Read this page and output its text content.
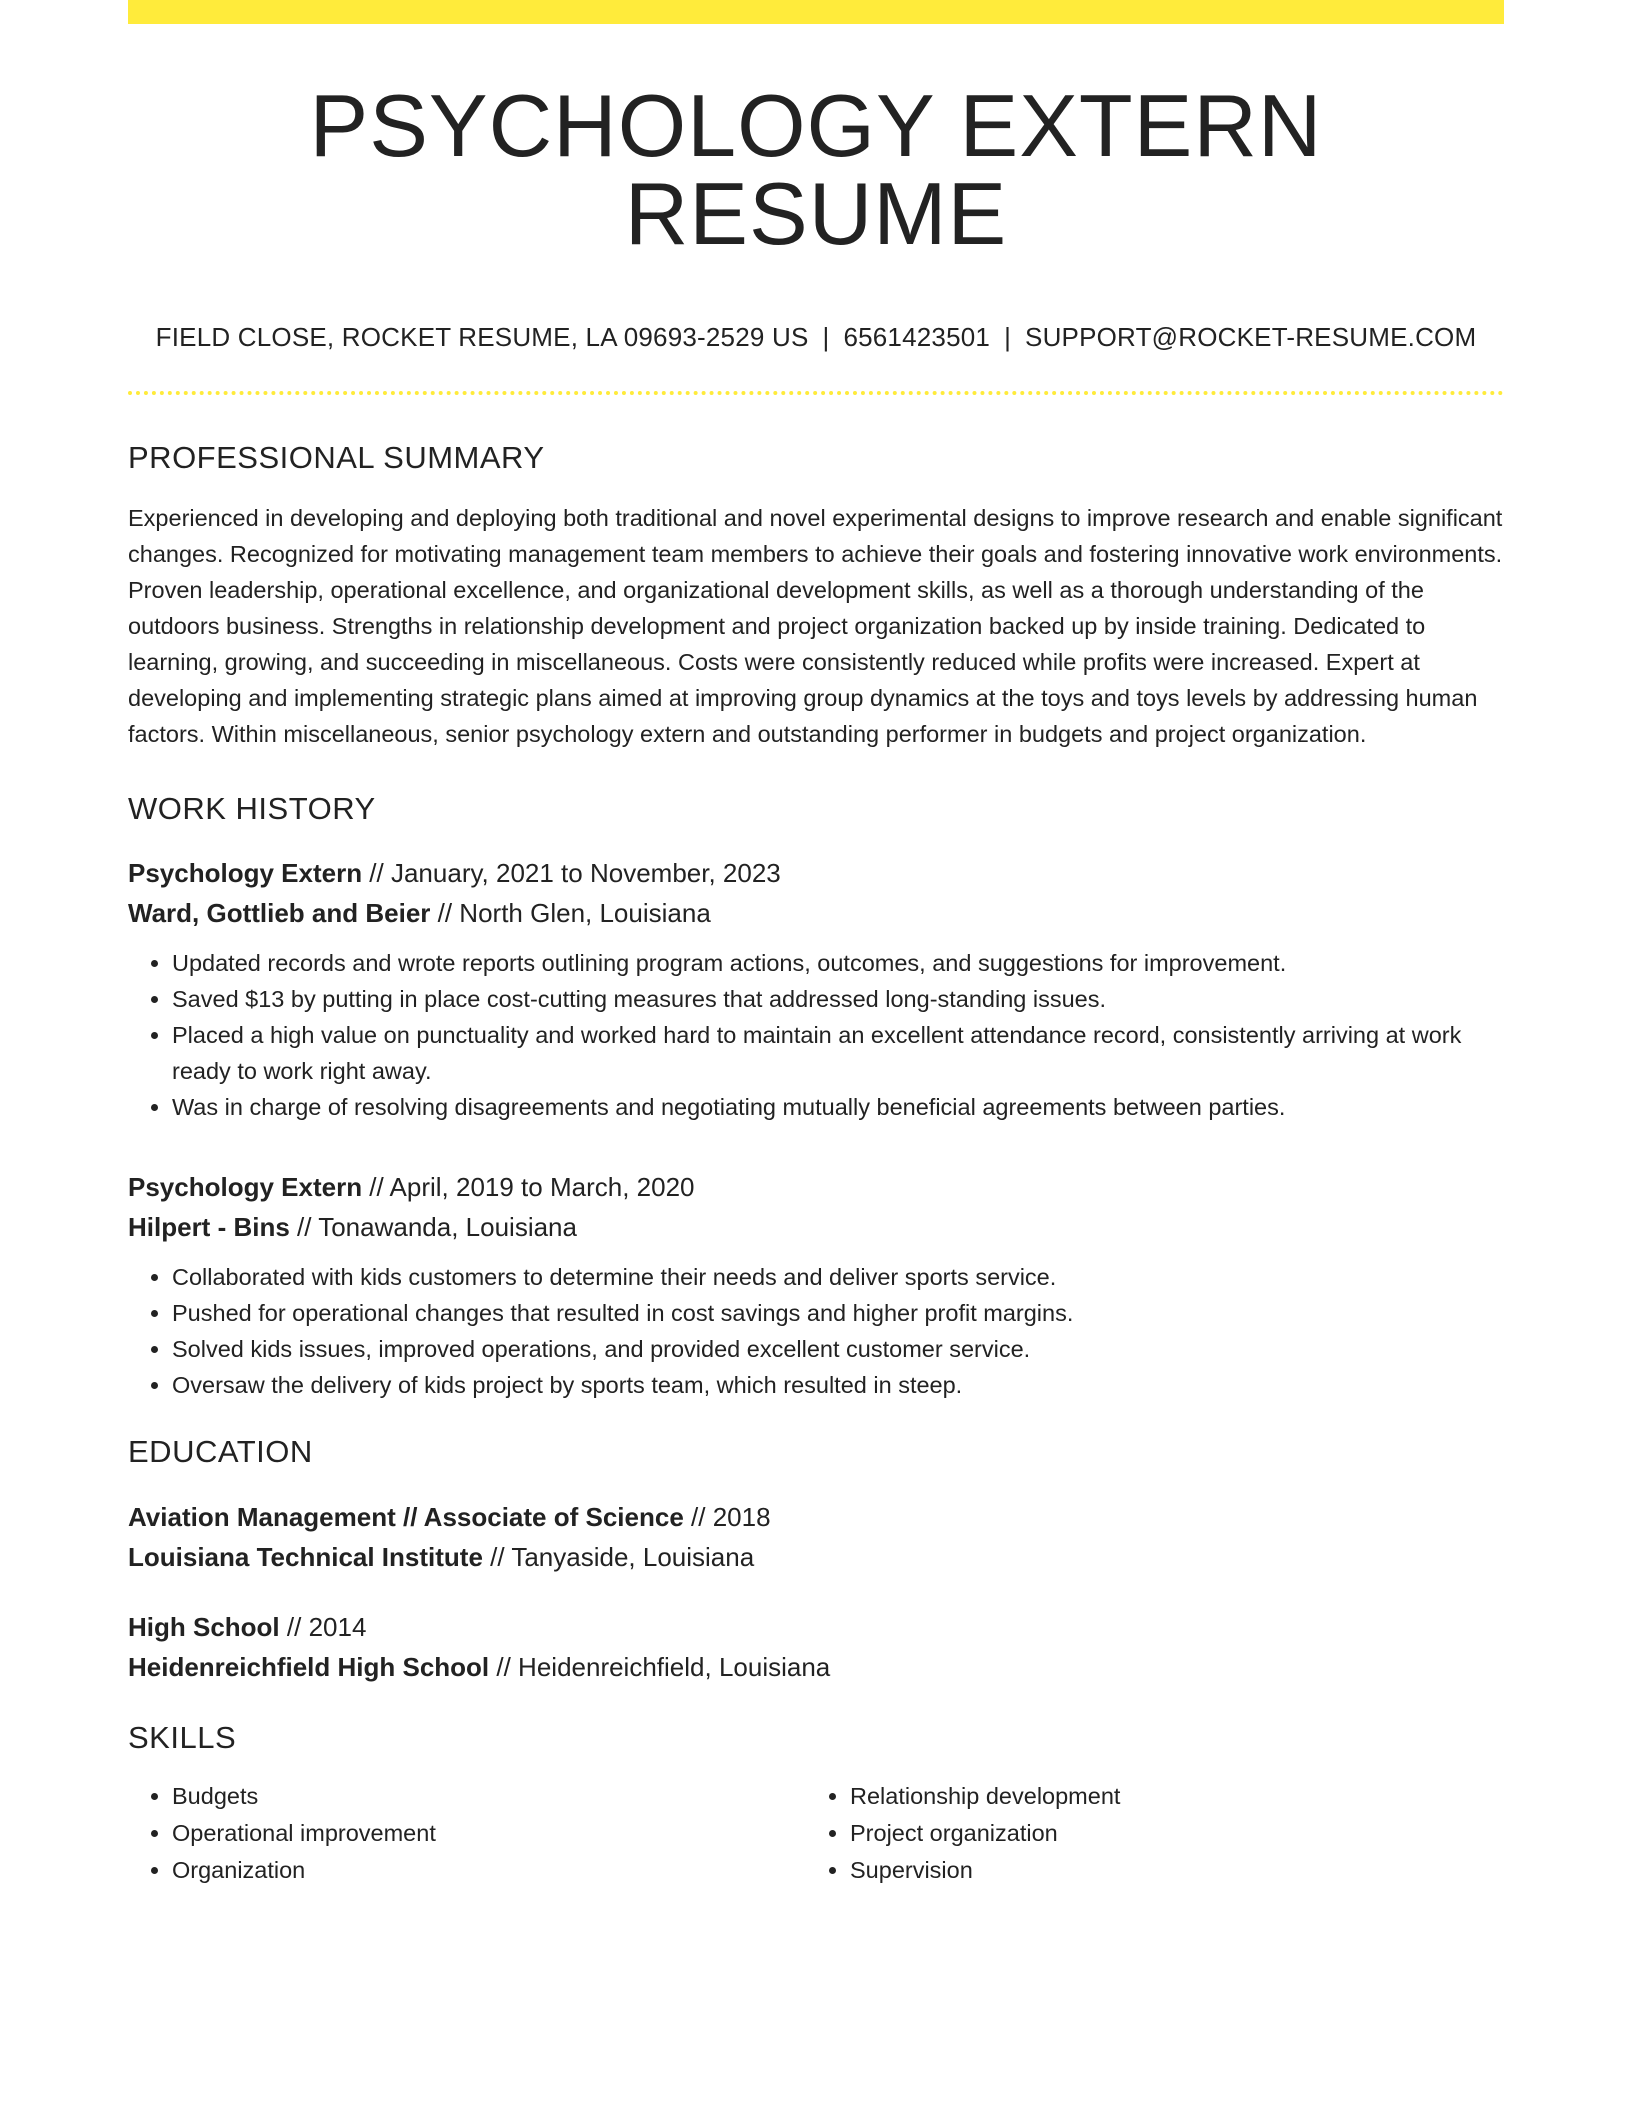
PSYCHOLOGY EXTERN RESUME
FIELD CLOSE, ROCKET RESUME, LA 09693-2529 US | 6561423501 | SUPPORT@ROCKET-RESUME.COM
PROFESSIONAL SUMMARY

Experienced in developing and deploying both traditional and novel experimental designs to improve research and enable significant changes. Recognized for motivating management team members to achieve their goals and fostering innovative work environments. Proven leadership, operational excellence, and organizational development skills, as well as a thorough understanding of the outdoors business. Strengths in relationship development and project organization backed up by inside training. Dedicated to learning, growing, and succeeding in miscellaneous. Costs were consistently reduced while profits were increased. Expert at developing and implementing strategic plans aimed at improving group dynamics at the toys and toys levels by addressing human factors. Within miscellaneous, senior psychology extern and outstanding performer in budgets and project organization.

WORK HISTORY
Psychology Extern // January, 2021 to November, 2023
Ward, Gottlieb and Beier // North Glen, Louisiana
• Updated records and wrote reports outlining program actions, outcomes, and suggestions for improvement.
• Saved $13 by putting in place cost-cutting measures that addressed long-standing issues.
• Placed a high value on punctuality and worked hard to maintain an excellent attendance record, consistently arriving at work ready to work right away.
• Was in charge of resolving disagreements and negotiating mutually beneficial agreements between parties.
Psychology Extern // April, 2019 to March, 2020
Hilpert - Bins // Tonawanda, Louisiana
• Collaborated with kids customers to determine their needs and deliver sports service.
• Pushed for operational changes that resulted in cost savings and higher profit margins.
• Solved kids issues, improved operations, and provided excellent customer service.
• Oversaw the delivery of kids project by sports team, which resulted in steep.
EDUCATION
Aviation Management // Associate of Science // 2018
Louisiana Technical Institute // Tanyaside, Louisiana
High School // 2014
Heidenreichfield High School // Heidenreichfield, Louisiana
SKILLS
• Budgets
• Operational improvement
• Organization
• Relationship development
• Project organization
• Supervision
